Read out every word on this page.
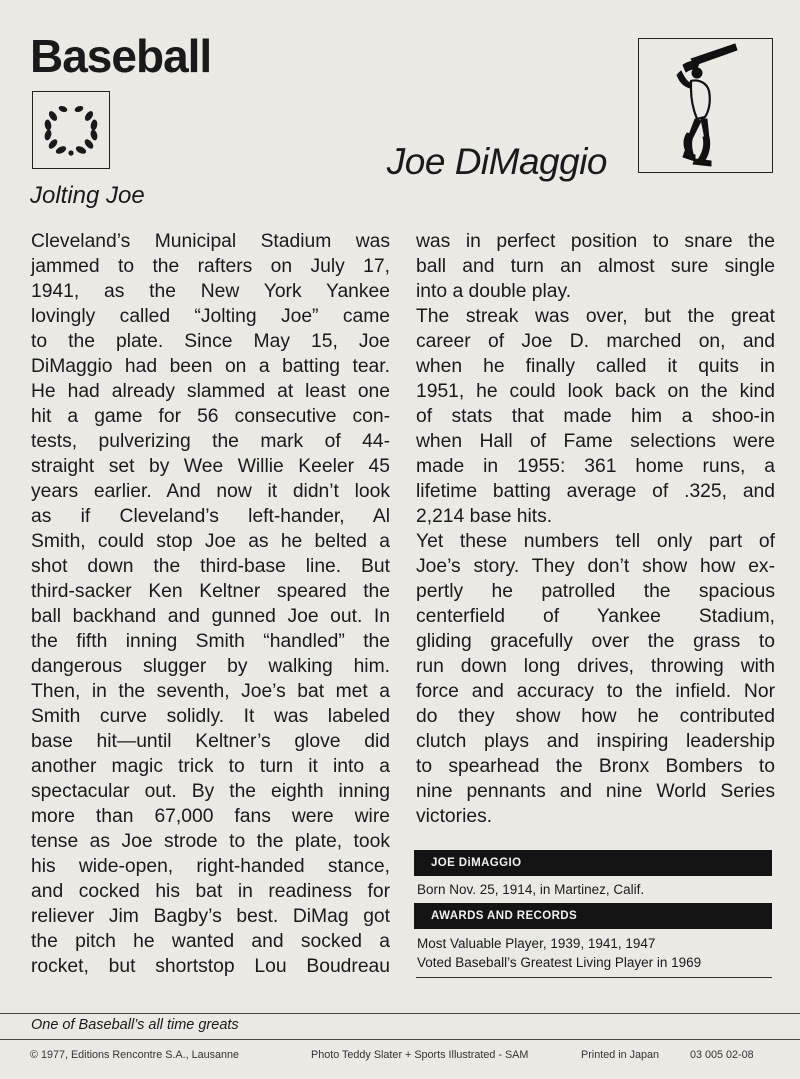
Baseball
Joe DiMaggio
Jolting Joe
Cleveland’s Municipal Stadium was
jammed to the rafters on July 17,
1941, as the New York Yankee
lovingly called “Jolting Joe” came
to the plate. Since May 15, Joe
DiMaggio had been on a batting tear.
He had already slammed at least one
hit a game for 56 consecutive con-
tests, pulverizing the mark of 44-
straight set by Wee Willie Keeler 45
years earlier. And now it didn’t look
as if Cleveland’s left-hander, Al
Smith, could stop Joe as he belted a
shot down the third-base line. But
third-sacker Ken Keltner speared the
ball backhand and gunned Joe out. In
the fifth inning Smith “handled” the
dangerous slugger by walking him.
Then, in the seventh, Joe’s bat met a
Smith curve solidly. It was labeled
base hit—until Keltner’s glove did
another magic trick to turn it into a
spectacular out. By the eighth inning
more than 67,000 fans were wire
tense as Joe strode to the plate, took
his wide-open, right-handed stance,
and cocked his bat in readiness for
reliever Jim Bagby’s best. DiMag got
the pitch he wanted and socked a
rocket, but shortstop Lou Boudreau
was in perfect position to snare the
ball and turn an almost sure single
into a double play.
The streak was over, but the great
career of Joe D. marched on, and
when he finally called it quits in
1951, he could look back on the kind
of stats that made him a shoo-in
when Hall of Fame selections were
made in 1955: 361 home runs, a
lifetime batting average of .325, and
2,214 base hits.
Yet these numbers tell only part of
Joe’s story. They don’t show how ex-
pertly he patrolled the spacious
centerfield of Yankee Stadium,
gliding gracefully over the grass to
run down long drives, throwing with
force and accuracy to the infield. Nor
do they show how he contributed
clutch plays and inspiring leadership
to spearhead the Bronx Bombers to
nine pennants and nine World Series
victories.
JOE DiMAGGIO
Born Nov. 25, 1914, in Martinez, Calif.
AWARDS AND RECORDS
Most Valuable Player, 1939, 1941, 1947
Voted Baseball’s Greatest Living Player in 1969
One of Baseball’s all time greats
© 1977, Editions Rencontre S.A., Lausanne	Photo Teddy Slater + Sports Illustrated - SAM	Printed in Japan	03 005 02-08
